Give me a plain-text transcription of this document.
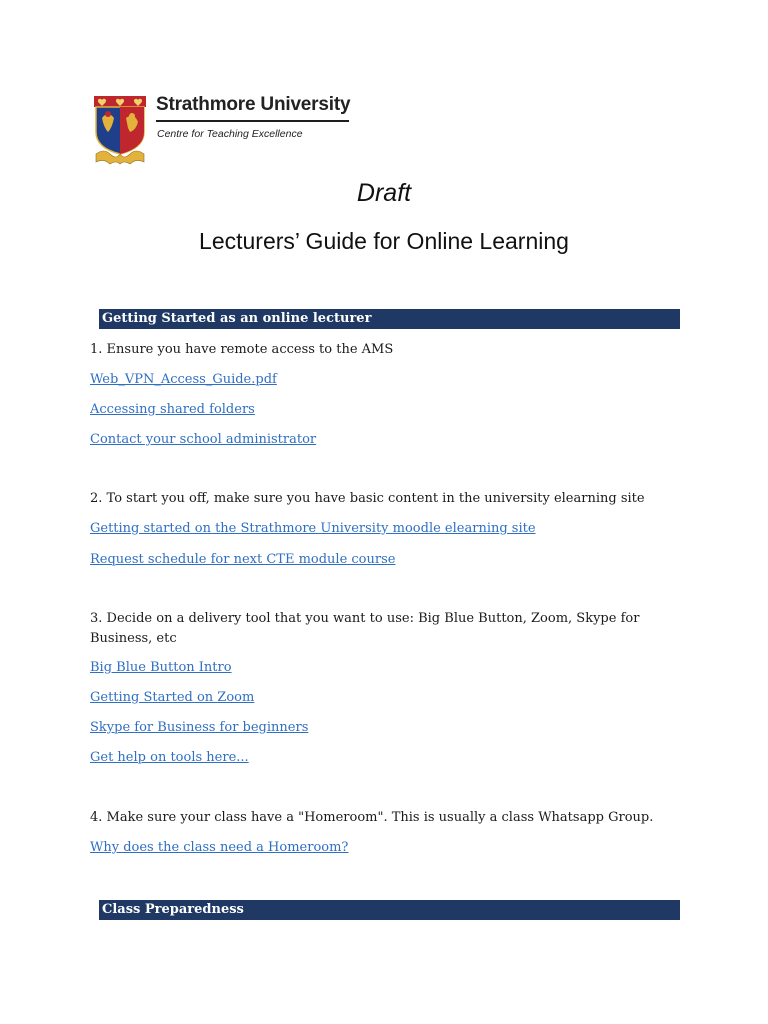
Strathmore University
Centre for Teaching Excellence
Draft
Lecturers’ Guide for Online Learning
Getting Started as an online lecturer
1. Ensure you have remote access to the AMS
Web_VPN_Access_Guide.pdf
Accessing shared folders
Contact your school administrator
2. To start you off, make sure you have basic content in the university elearning site
Getting started on the Strathmore University moodle elearning site
Request schedule for next CTE module course
3. Decide on a delivery tool that you want to use: Big Blue Button, Zoom, Skype for Business, etc
Big Blue Button Intro
Getting Started on Zoom
Skype for Business for beginners
Get help on tools here...
4. Make sure your class have a "Homeroom". This is usually a class Whatsapp Group.
Why does the class need a Homeroom?
Class Preparedness
